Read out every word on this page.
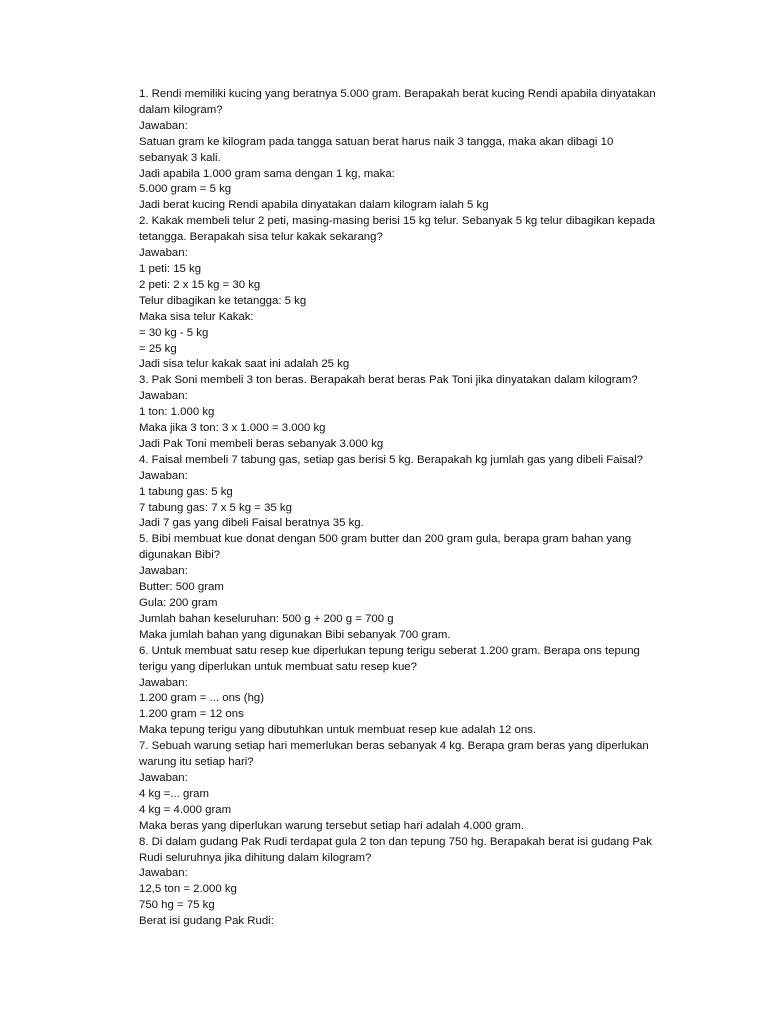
1. Rendi memiliki kucing yang beratnya 5.000 gram. Berapakah berat kucing Rendi apabila dinyatakan
dalam kilogram?
Jawaban:
Satuan gram ke kilogram pada tangga satuan berat harus naik 3 tangga, maka akan dibagi 10
sebanyak 3 kali.
Jadi apabila 1.000 gram sama dengan 1 kg, maka:
5.000 gram = 5 kg
Jadi berat kucing Rendi apabila dinyatakan dalam kilogram ialah 5 kg
2. Kakak membeli telur 2 peti, masing-masing berisi 15 kg telur. Sebanyak 5 kg telur dibagikan kepada
tetangga. Berapakah sisa telur kakak sekarang?
Jawaban:
1 peti: 15 kg
2 peti: 2 x 15 kg = 30 kg
Telur dibagikan ke tetangga: 5 kg
Maka sisa telur Kakak:
= 30 kg - 5 kg
= 25 kg
Jadi sisa telur kakak saat ini adalah 25 kg
3. Pak Soni membeli 3 ton beras. Berapakah berat beras Pak Toni jika dinyatakan dalam kilogram?
Jawaban:
1 ton: 1.000 kg
Maka jika 3 ton: 3 x 1.000 = 3.000 kg
Jadi Pak Toni membeli beras sebanyak 3.000 kg
4. Faisal membeli 7 tabung gas, setiap gas berisi 5 kg. Berapakah kg jumlah gas yang dibeli Faisal?
Jawaban:
1 tabung gas: 5 kg
7 tabung gas: 7 x 5 kg = 35 kg
Jadi 7 gas yang dibeli Faisal beratnya 35 kg.
5. Bibi membuat kue donat dengan 500 gram butter dan 200 gram gula, berapa gram bahan yang
digunakan Bibi?
Jawaban:
Butter: 500 gram
Gula: 200 gram
Jumlah bahan keseluruhan: 500 g + 200 g = 700 g
Maka jumlah bahan yang digunakan Bibi sebanyak 700 gram.
6. Untuk membuat satu resep kue diperlukan tepung terigu seberat 1.200 gram. Berapa ons tepung
terigu yang diperlukan untuk membuat satu resep kue?
Jawaban:
1.200 gram = ... ons (hg)
1.200 gram = 12 ons
Maka tepung terigu yang dibutuhkan untuk membuat resep kue adalah 12 ons.
7. Sebuah warung setiap hari memerlukan beras sebanyak 4 kg. Berapa gram beras yang diperlukan
warung itu setiap hari?
Jawaban:
4 kg =... gram
4 kg = 4.000 gram
Maka beras yang diperlukan warung tersebut setiap hari adalah 4.000 gram.
8. Di dalam gudang Pak Rudi terdapat gula 2 ton dan tepung 750 hg. Berapakah berat isi gudang Pak
Rudi seluruhnya jika dihitung dalam kilogram?
Jawaban:
12,5 ton = 2.000 kg
750 hg = 75 kg
Berat isi gudang Pak Rudi:
